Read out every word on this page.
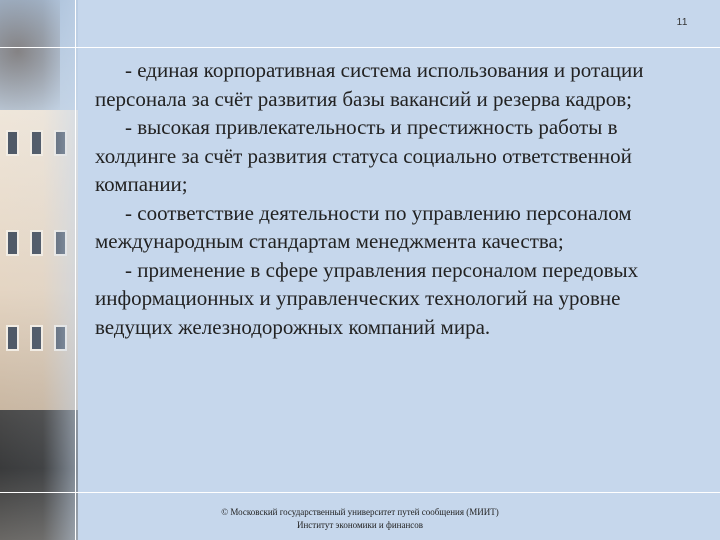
11

- единая корпоративная система использования и ротации персонала за счёт развития базы вакансий и резерва кадров;

- высокая привлекательность и престижность работы в холдинге за счёт развития статуса социально ответственной компании;

- соответствие деятельности по управлению персоналом международным стандартам менеджмента качества;

- применение в сфере управления персоналом передовых информационных и управленческих технологий на уровне ведущих железнодорожных компаний мира.

© Московский государственный университет путей сообщения (МИИТ)
Институт экономики и финансов
